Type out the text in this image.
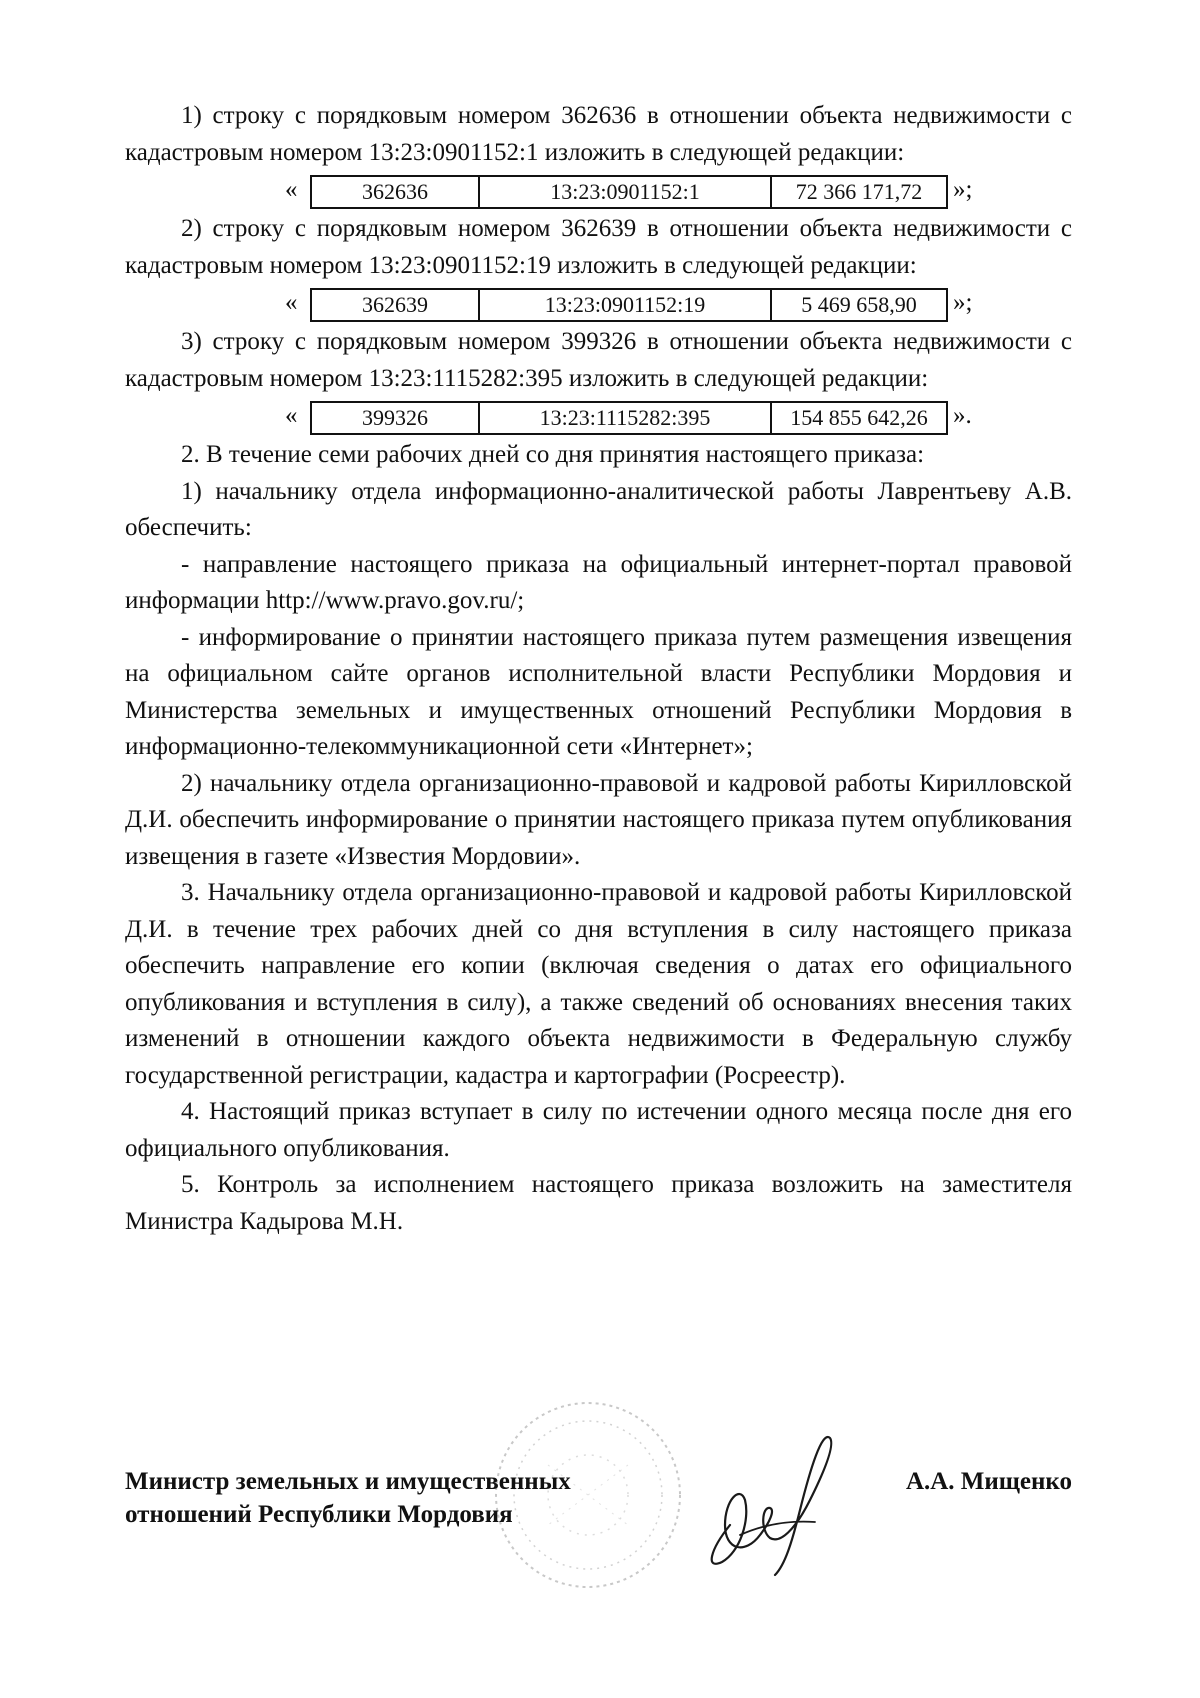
1) строку с порядковым номером 362636 в отношении объекта недвижимости с кадастровым номером 13:23:0901152:1 изложить в следующей редакции:

«	362636	13:23:0901152:1	72 366 171,72 »;

2) строку с порядковым номером 362639 в отношении объекта недвижимости с кадастровым номером 13:23:0901152:19 изложить в следующей редакции:

«	362639	13:23:0901152:19	5 469 658,90 »;

3) строку с порядковым номером 399326 в отношении объекта недвижимости с кадастровым номером 13:23:1115282:395 изложить в следующей редакции:

«	399326	13:23:1115282:395	154 855 642,26 ».

2. В течение семи рабочих дней со дня принятия настоящего приказа:

1) начальнику отдела информационно-аналитической работы Лаврентьеву А.В. обеспечить:

- направление настоящего приказа на официальный интернет-портал правовой информации http://www.pravo.gov.ru/;

- информирование о принятии настоящего приказа путем размещения извещения на официальном сайте органов исполнительной власти Республики Мордовия и Министерства земельных и имущественных отношений Республики Мордовия в информационно-телекоммуникационной сети «Интернет»;

2) начальнику отдела организационно-правовой и кадровой работы Кирилловской Д.И. обеспечить информирование о принятии настоящего приказа путем опубликования извещения в газете «Известия Мордовии».

3. Начальнику отдела организационно-правовой и кадровой работы Кирилловской Д.И. в течение трех рабочих дней со дня вступления в силу настоящего приказа обеспечить направление его копии (включая сведения о датах его официального опубликования и вступления в силу), а также сведений об основаниях внесения таких изменений в отношении каждого объекта недвижимости в Федеральную службу государственной регистрации, кадастра и картографии (Росреестр).

4. Настоящий приказ вступает в силу по истечении одного месяца после дня его официального опубликования.

5. Контроль за исполнением настоящего приказа возложить на заместителя Министра Кадырова М.Н.

Министр земельных и имущественных
отношений Республики Мордовия
А.А. Мищенко
